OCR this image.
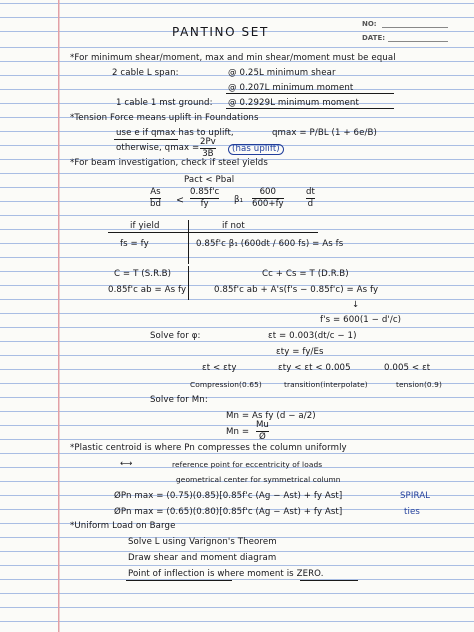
PANTINO SET
NO:
DATE:
*For minimum shear/moment, max and min shear/moment must be equal
2 cable L span:	@ 0.25L minimum shear
@ 0.207L minimum moment
1 cable 1 mst ground: @ 0.2929L minimum moment
*Tension Force means uplift in Foundations
use e if qmax has to uplift,	qmax = P/BL (1 + 6e/B)
otherwise, qmax =
2Pv
3B
(has uplift)
*For beam investigation, check if steel yields
Pact < Pbal
As
bd <
0.85f'c
fy	β₁
600
600+fy
dt
d
if yield	if not
fs = fy	0.85f'c β₁ (600dt / 600 fs) = As fs
C = T (S.R.B)	Cc + Cs = T (D.R.B)
0.85f'c ab = As fy	0.85f'c ab + A's(f's − 0.85f'c) = As fy
↓
f's = 600(1 − d'/c)
Solve for φ:	εt = 0.003(dt/c − 1)
εty = fy/Es
εt < εty	εty < εt < 0.005	0.005 < εt
Compression(0.65)	transition(interpolate)	tension(0.9)
Solve for Mn:
Mn = As fy (d − a/2)
Mn =
Mu
Ø
*Plastic centroid is where Pn compresses the column uniformly
⟷	reference point for eccentricity of loads
geometrical center for symmetrical column
ØPn max = (0.75)(0.85)[0.85f'c (Ag − Ast) + fy Ast]	SPIRAL
ØPn max = (0.65)(0.80)[0.85f'c (Ag − Ast) + fy Ast]	ties
*Uniform Load on Barge
Solve L using Varignon's Theorem
Draw shear and moment diagram
Point of inflection is where moment is ZERO.
